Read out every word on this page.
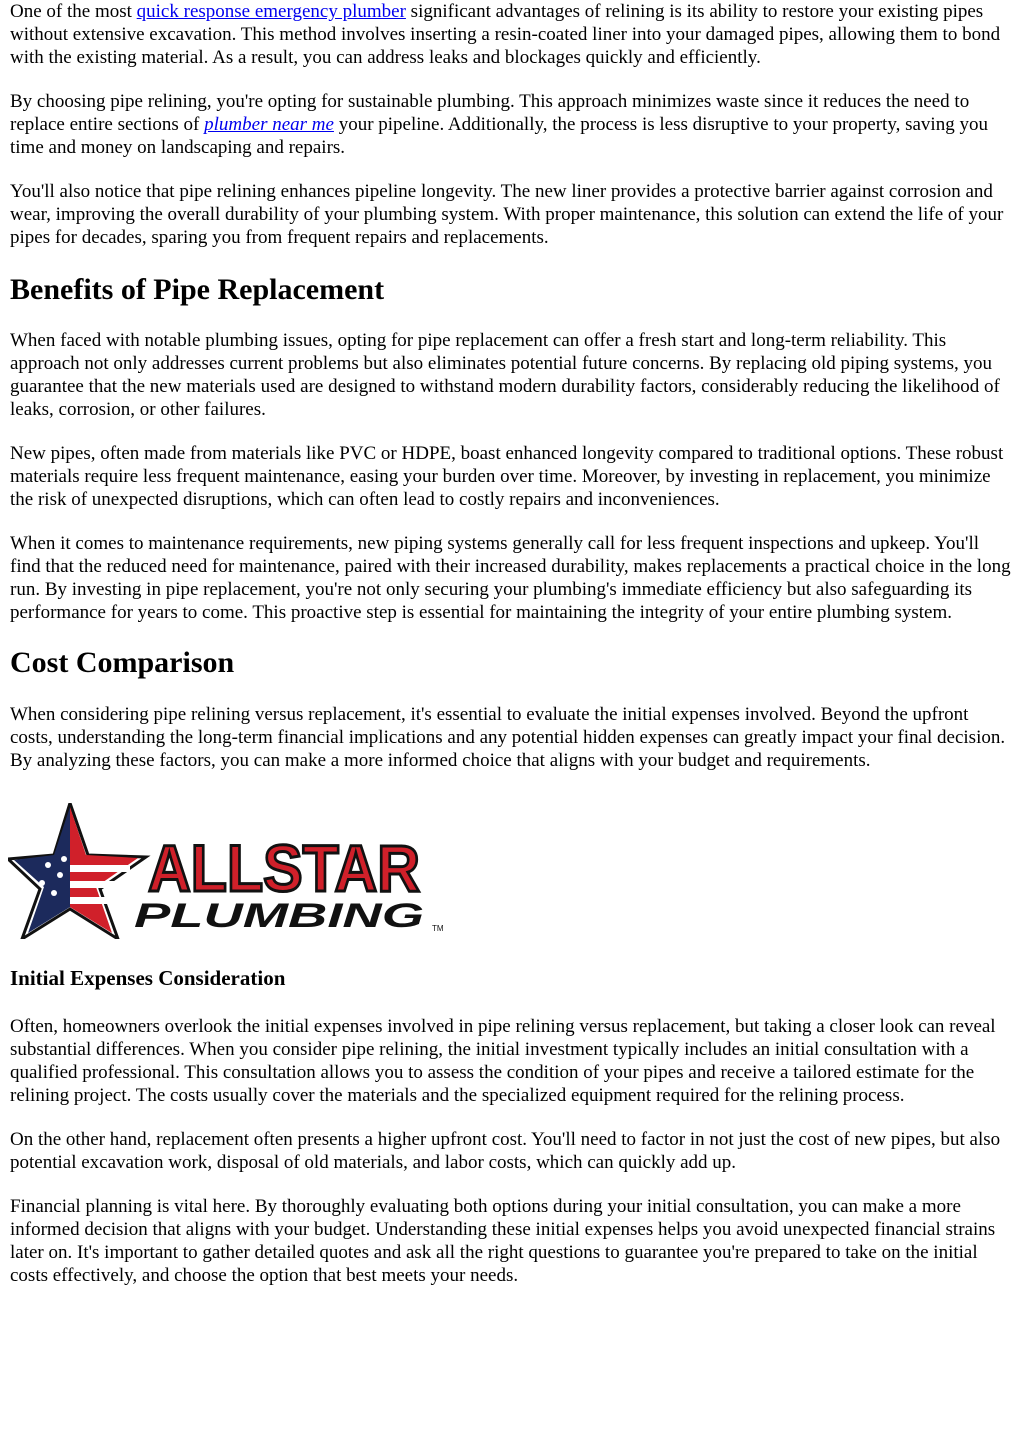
One of the most quick response emergency plumber significant advantages of relining is its ability to restore your existing pipes without extensive excavation. This method involves inserting a resin-coated liner into your damaged pipes, allowing them to bond with the existing material. As a result, you can address leaks and blockages quickly and efficiently.

By choosing pipe relining, you're opting for sustainable plumbing. This approach minimizes waste since it reduces the need to replace entire sections of plumber near me your pipeline. Additionally, the process is less disruptive to your property, saving you time and money on landscaping and repairs.

You'll also notice that pipe relining enhances pipeline longevity. The new liner provides a protective barrier against corrosion and wear, improving the overall durability of your plumbing system. With proper maintenance, this solution can extend the life of your pipes for decades, sparing you from frequent repairs and replacements.

Benefits of Pipe Replacement

When faced with notable plumbing issues, opting for pipe replacement can offer a fresh start and long-term reliability. This approach not only addresses current problems but also eliminates potential future concerns. By replacing old piping systems, you guarantee that the new materials used are designed to withstand modern durability factors, considerably reducing the likelihood of leaks, corrosion, or other failures.

New pipes, often made from materials like PVC or HDPE, boast enhanced longevity compared to traditional options. These robust materials require less frequent maintenance, easing your burden over time. Moreover, by investing in replacement, you minimize the risk of unexpected disruptions, which can often lead to costly repairs and inconveniences.

When it comes to maintenance requirements, new piping systems generally call for less frequent inspections and upkeep. You'll find that the reduced need for maintenance, paired with their increased durability, makes replacements a practical choice in the long run. By investing in pipe replacement, you're not only securing your plumbing's immediate efficiency but also safeguarding its performance for years to come. This proactive step is essential for maintaining the integrity of your entire plumbing system.

Cost Comparison

When considering pipe relining versus replacement, it's essential to evaluate the initial expenses involved. Beyond the upfront costs, understanding the long-term financial implications and any potential hidden expenses can greatly impact your final decision. By analyzing these factors, you can make a more informed choice that aligns with your budget and requirements.

ALLSTAR
PLUMBING TM
Initial Expenses Consideration

Often, homeowners overlook the initial expenses involved in pipe relining versus replacement, but taking a closer look can reveal substantial differences. When you consider pipe relining, the initial investment typically includes an initial consultation with a qualified professional. This consultation allows you to assess the condition of your pipes and receive a tailored estimate for the relining project. The costs usually cover the materials and the specialized equipment required for the relining process.

On the other hand, replacement often presents a higher upfront cost. You'll need to factor in not just the cost of new pipes, but also potential excavation work, disposal of old materials, and labor costs, which can quickly add up.

Financial planning is vital here. By thoroughly evaluating both options during your initial consultation, you can make a more informed decision that aligns with your budget. Understanding these initial expenses helps you avoid unexpected financial strains later on. It's important to gather detailed quotes and ask all the right questions to guarantee you're prepared to take on the initial costs effectively, and choose the option that best meets your needs.
